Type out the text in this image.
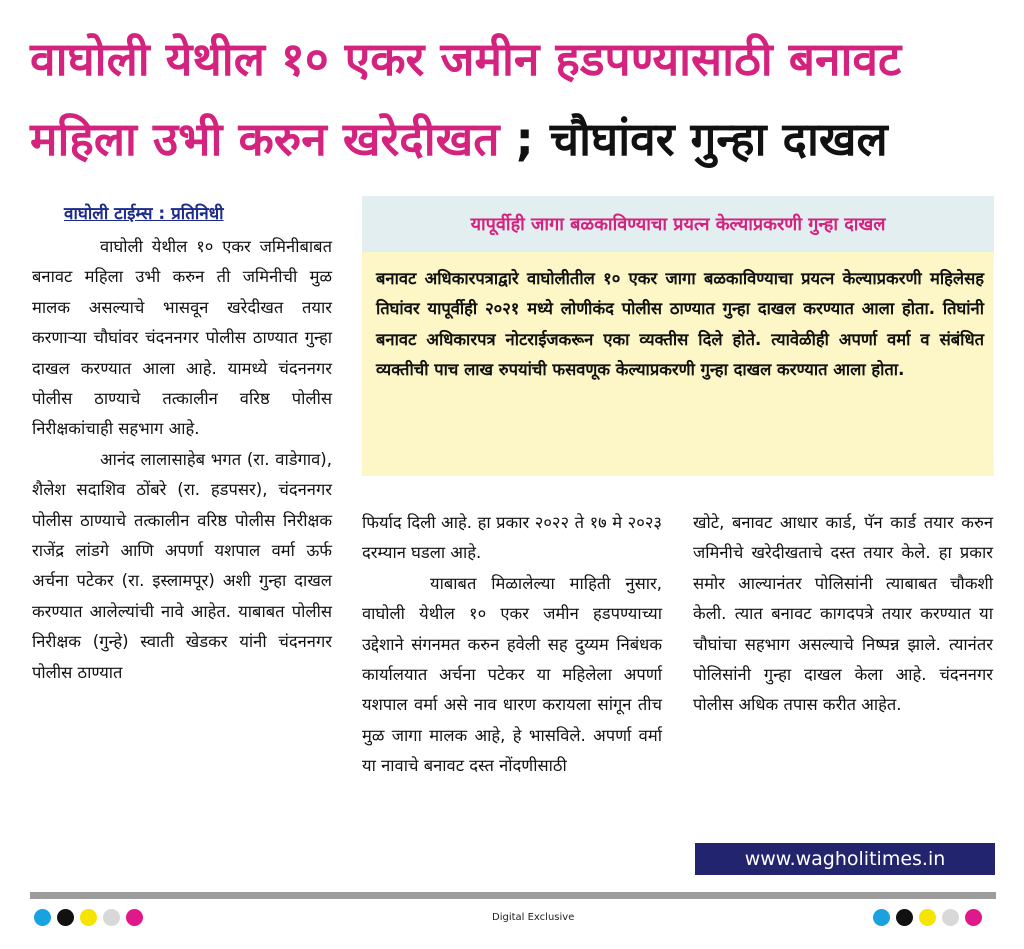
वाघोली येथील १० एकर जमीन हडपण्यासाठी बनावट
महिला उभी करुन खरेदीखत ; चौघांवर गुन्हा दाखल
वाघोली टाईम्स : प्रतिनिधी

वाघोली येथील १० एकर जमिनीबाबत बनावट महिला उभी करुन ती जमिनीची मुळ मालक असल्याचे भासवून खरेदीखत तयार करणाऱ्या चौघांवर चंदननगर पोलीस ठाण्यात गुन्हा दाखल करण्यात आला आहे. यामध्ये चंदननगर पोलीस ठाण्याचे तत्कालीन वरिष्ठ पोलीस निरीक्षकांचाही सहभाग आहे.

आनंद लालासाहेब भगत (रा. वाडेगाव), शैलेश सदाशिव ठोंबरे (रा. हडपसर), चंदननगर पोलीस ठाण्याचे तत्कालीन वरिष्ठ पोलीस निरीक्षक राजेंद्र लांडगे आणि अपर्णा यशपाल वर्मा ऊर्फ अर्चना पटेकर (रा. इस्लामपूर) अशी गुन्हा दाखल करण्यात आलेल्यांची नावे आहेत. याबाबत पोलीस निरीक्षक (गुन्हे) स्वाती खेडकर यांनी चंदननगर पोलीस ठाण्यात

यापूर्वीही जागा बळकाविण्याचा प्रयत्न केल्याप्रकरणी गुन्हा दाखल
बनावट अधिकारपत्राद्वारे वाघोलीतील १० एकर जागा बळकाविण्याचा प्रयत्न केल्याप्रकरणी महिलेसह तिघांवर यापूर्वीही २०२१ मध्ये लोणीकंद पोलीस ठाण्यात गुन्हा दाखल करण्यात आला होता. तिघांनी बनावट अधिकारपत्र नोटराईजकरून एका व्यक्तीस दिले होते. त्यावेळीही अपर्णा वर्मा व संबंधित व्यक्तीची पाच लाख रुपयांची फसवणूक केल्याप्रकरणी गुन्हा दाखल करण्यात आला होता.

फिर्याद दिली आहे. हा प्रकार २०२२ ते १७ मे २०२३ दरम्यान घडला आहे.

याबाबत मिळालेल्या माहिती नुसार, वाघोली येथील १० एकर जमीन हडपण्याच्या उद्देशाने संगनमत करुन हवेली सह दुय्यम निबंधक कार्यालयात अर्चना पटेकर या महिलेला अपर्णा यशपाल वर्मा असे नाव धारण करायला सांगून तीच मुळ जागा मालक आहे, हे भासविले. अपर्णा वर्मा या नावाचे बनावट दस्त नोंदणीसाठी

खोटे, बनावट आधार कार्ड, पॅन कार्ड तयार करुन जमिनीचे खरेदीखताचे दस्त तयार केले. हा प्रकार समोर आल्यानंतर पोलिसांनी त्याबाबत चौकशी केली. त्यात बनावट कागदपत्रे तयार करण्यात या चौघांचा सहभाग असल्याचे निष्पन्न झाले. त्यानंतर पोलिसांनी गुन्हा दाखल केला आहे. चंदननगर पोलीस अधिक तपास करीत आहेत.

www.wagholitimes.in
Digital Exclusive
